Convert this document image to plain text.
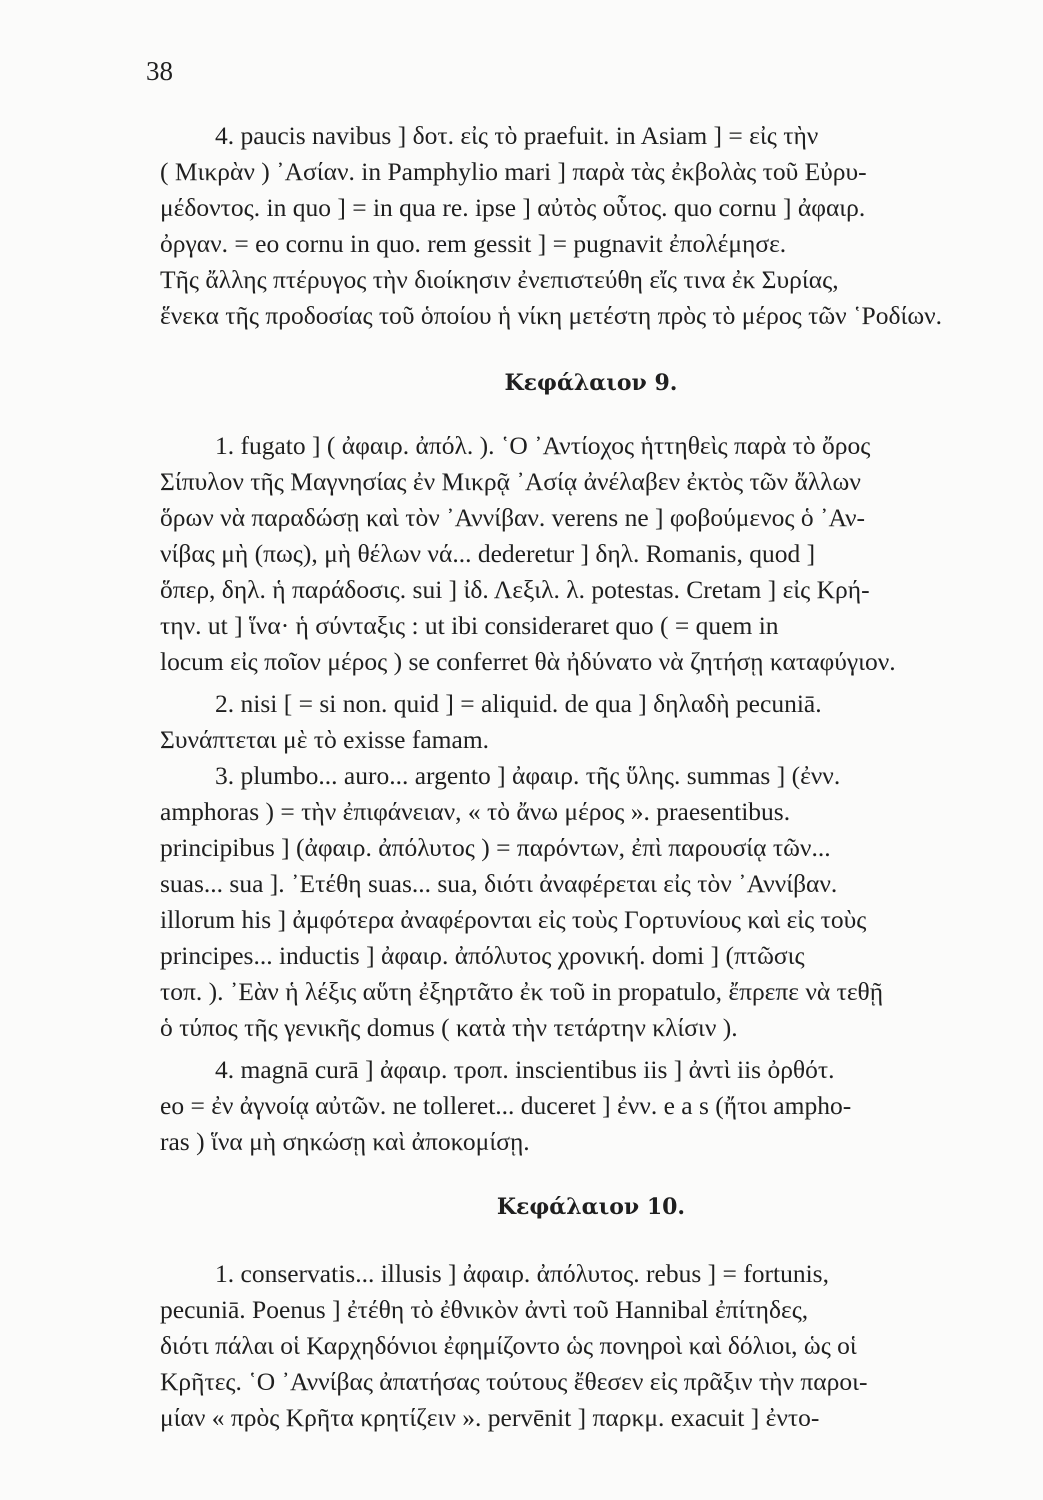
38
4. paucis navibus ] δοτ. εἰς τὸ praefuit. in Asiam ] = εἰς τὴν
( Μικρὰν ) ᾽Ασίαν. in Pamphylio mari ] παρὰ τὰς ἐκβολὰς τοῦ Εὐρυ-
μέδοντος. in quo ] = in qua re. ipse ] αὐτὸς οὗτος. quo cornu ] ἀφαιρ.
ὀργαν. = eo cornu in quo. rem gessit ] = pugnavit ἐπολέμησε.
Τῆς ἄλλης πτέρυγος τὴν διοίκησιν ἐνεπιστεύθη εἴς τινα ἐκ Συρίας,
ἕνεκα τῆς προδοσίας τοῦ ὁποίου ἡ νίκη μετέστη πρὸς τὸ μέρος τῶν ῾Ροδίων.
Κεφάλαιον 9.
1. fugato ] ( ἀφαιρ. ἀπόλ. ). ῾Ο ᾽Αντίοχος ἡττηθεὶς παρὰ τὸ ὄρος
Σίπυλον τῆς Μαγνησίας ἐν Μικρᾷ ᾽Ασίᾳ ἀνέλαβεν ἐκτὸς τῶν ἄλλων
ὅρων νὰ παραδώσῃ καὶ τὸν ᾽Αννίβαν. verens ne ] φοβούμενος ὁ ᾽Αν-
νίβας μὴ (πως), μὴ θέλων νά... dederetur ] δηλ. Romanis, quod ]
ὅπερ, δηλ. ἡ παράδοσις. sui ] ἰδ. Λεξιλ. λ. potestas. Cretam ] εἰς Κρή-
την. ut ] ἵνα· ἡ σύνταξις : ut ibi consideraret quo ( = quem in
locum εἰς ποῖον μέρος ) se conferret θὰ ἠδύνατο νὰ ζητήσῃ καταφύγιον.
2. nisi [ = si non. quid ] = aliquid. de qua ] δηλαδὴ pecuniā.
Συνάπτεται μὲ τὸ exisse famam.
3. plumbo... auro... argento ] ἀφαιρ. τῆς ὕλης. summas ] (ἐνν.
amphoras ) = τὴν ἐπιφάνειαν, « τὸ ἄνω μέρος ». praesentibus.
principibus ] (ἀφαιρ. ἀπόλυτος ) = παρόντων, ἐπὶ παρουσίᾳ τῶν...
suas... sua ]. ᾽Ετέθη suas... sua, διότι ἀναφέρεται εἰς τὸν ᾽Αννίβαν.
illorum his ] ἀμφότερα ἀναφέρονται εἰς τοὺς Γορτυνίους καὶ εἰς τοὺς
principes... inductis ] ἀφαιρ. ἀπόλυτος χρονική. domi ] (πτῶσις
τοπ. ). ᾽Εὰν ἡ λέξις αὕτη ἐξηρτᾶτο ἐκ τοῦ in propatulo, ἔπρεπε νὰ τεθῇ
ὁ τύπος τῆς γενικῆς domus ( κατὰ τὴν τετάρτην κλίσιν ).
4. magnā curā ] ἀφαιρ. τροπ. inscientibus iis ] ἀντὶ iis ὀρθότ.
eo = ἐν ἀγνοίᾳ αὐτῶν. ne tolleret... duceret ] ἐνν. e a s (ἤτοι ampho-
ras ) ἵνα μὴ σηκώσῃ καὶ ἀποκομίσῃ.
Κεφάλαιον 10.
1. conservatis... illusis ] ἀφαιρ. ἀπόλυτος. rebus ] = fortunis,
pecuniā. Poenus ] ἐτέθη τὸ ἐθνικὸν ἀντὶ τοῦ Hannibal ἐπίτηδες,
διότι πάλαι οἱ Καρχηδόνιοι ἐφημίζοντο ὡς πονηροὶ καὶ δόλιοι, ὡς οἱ
Κρῆτες. ῾Ο ᾽Αννίβας ἀπατήσας τούτους ἔθεσεν εἰς πρᾶξιν τὴν παροι-
μίαν « πρὸς Κρῆτα κρητίζειν ». pervēnit ] παρκμ. exacuit ] ἐντο-
